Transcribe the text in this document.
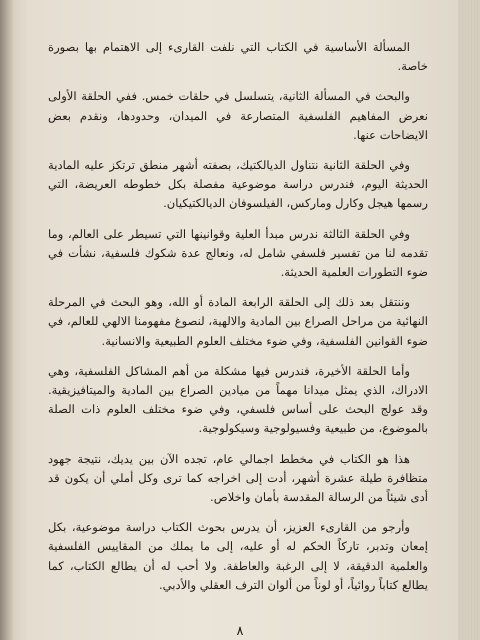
المسألة الأساسية في الكتاب التي نلفت القارىء إلى الاهتمام بها بصورة خاصة.

والبحث في المسألة الثانية، يتسلسل في حلقات خمس. ففي الحلقة الأولى نعرض المفاهيم الفلسفية المتصارعة في الميدان، وحدودها، ونقدم بعض الايضاحات عنها.

وفي الحلقة الثانية نتناول الديالكتيك، بصفته أشهر منطق ترتكز عليه المادية الحديثة اليوم، فندرس دراسة موضوعية مفصلة بكل خطوطه العريضة، التي رسمها هيجل وكارل وماركس، الفيلسوفان الديالكتيكيان.

وفي الحلقة الثالثة ندرس مبدأ العلية وقوانينها التي تسيطر على العالم، وما تقدمه لنا من تفسير فلسفي شامل له، ونعالج عدة شكوك فلسفية، نشأت في ضوء التطورات العلمية الحديثة.

وننتقل بعد ذلك إلى الحلقة الرابعة المادة أو الله، وهو البحث في المرحلة النهائية من مراحل الصراع بين المادية والالهية، لنصوغ مفهومنا الالهي للعالم، في ضوء القوانين الفلسفية، وفي ضوء مختلف العلوم الطبيعية والانسانية.

وأما الحلقة الأخيرة، فندرس فيها مشكلة من أهم المشاكل الفلسفية، وهي الادراك، الذي يمثل ميدانا مهماً من ميادين الصراع بين المادية والميتافيزيقية. وقد عولج البحث على أساس فلسفي، وفي ضوء مختلف العلوم ذات الصلة بالموضوع، من طبيعية وفسيولوجية وسيكولوجية.

هذا هو الكتاب في مخطط اجمالي عام، تجده الآن بين يديك، نتيجة جهود متظافرة طيلة عشرة أشهر، أدت إلى اخراجه كما ترى وكل أملي أن يكون قد أدى شيئاً من الرسالة المقدسة بأمان واخلاص.

وأرجو من القارىء العزيز، أن يدرس بحوث الكتاب دراسة موضوعية، بكل إمعان وتدبر، تاركاً الحكم له أو عليه، إلى ما يملك من المقاييس الفلسفية والعلمية الدقيقة، لا إلى الرغبة والعاطفة. ولا أحب له أن يطالع الكتاب، كما يطالع كتاباً روائياً، أو لوناً من ألوان الترف العقلي والأدبي.

٨
